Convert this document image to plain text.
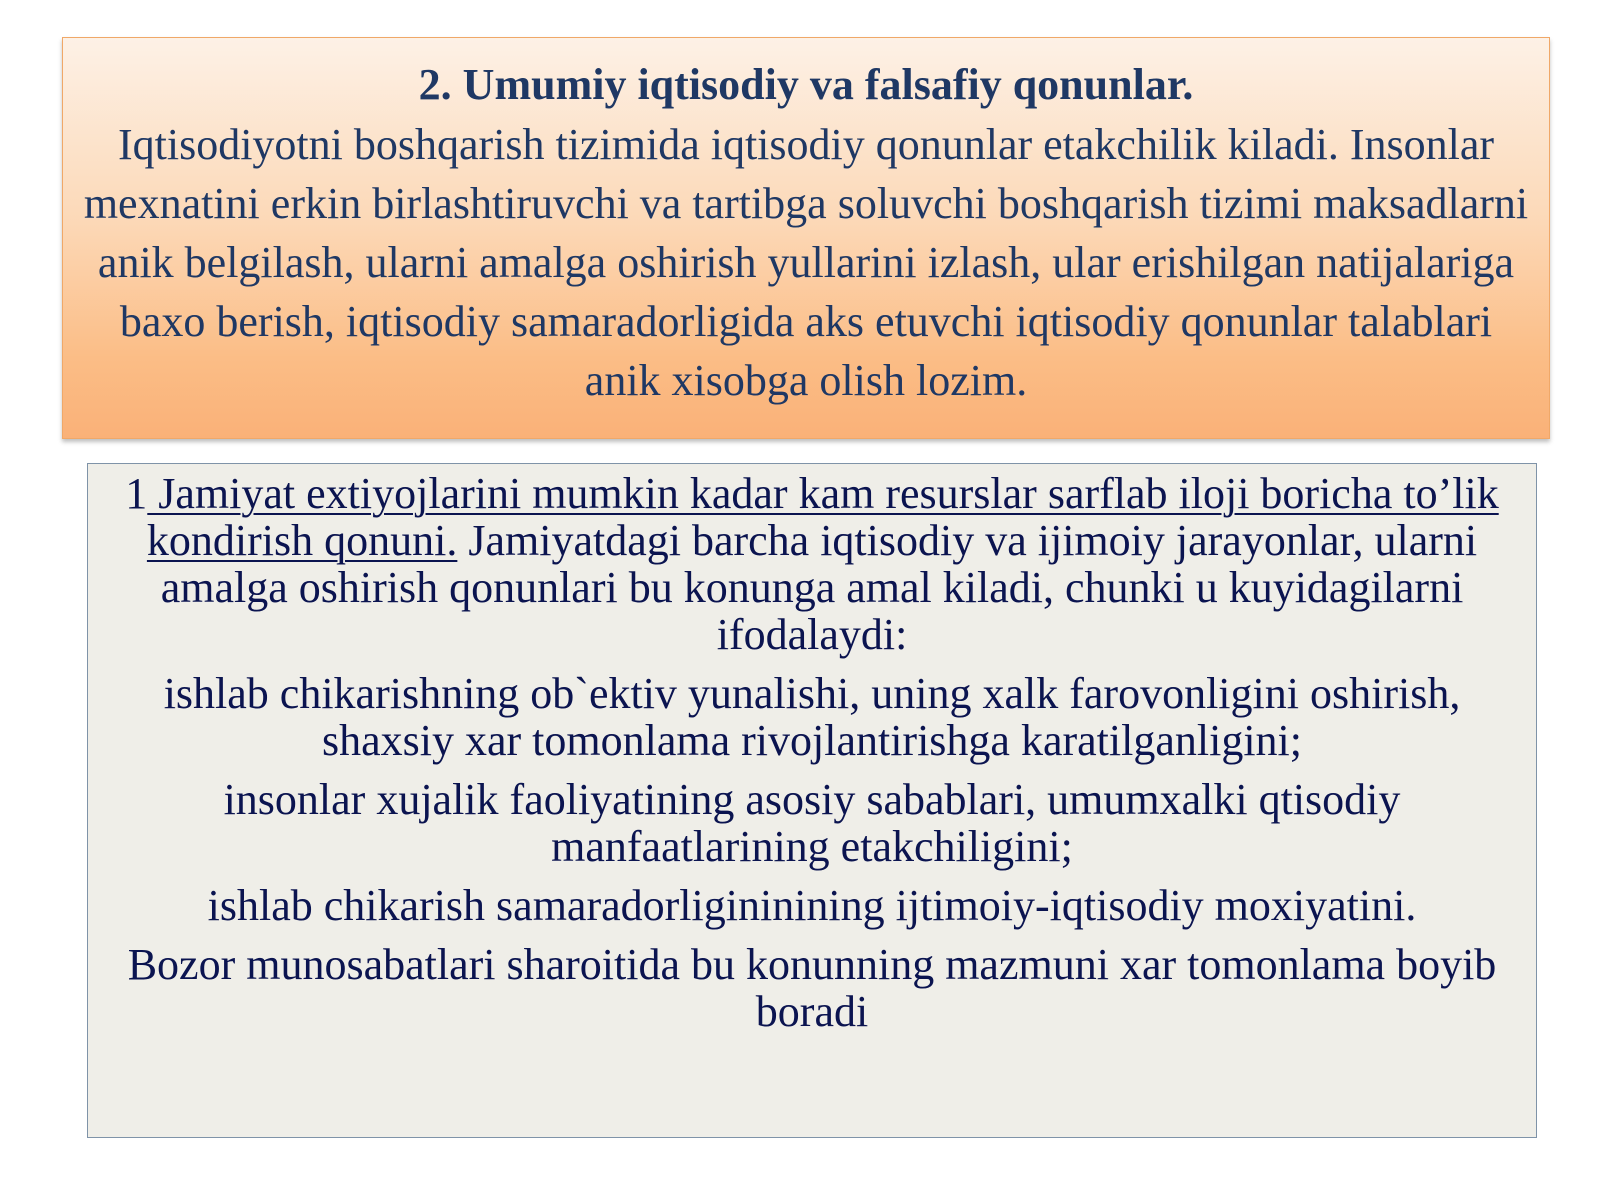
2. Umumiy iqtisodiy va falsafiy qonunlar.
Iqtisodiyotni boshqarish tizimida iqtisodiy qonunlar etakchilik kiladi. Insonlar mexnatini erkin birlashtiruvchi va tartibga soluvchi boshqarish tizimi maksadlarni anik belgilash, ularni amalga oshirish yullarini izlash, ular erishilgan natijalariga baxo berish, iqtisodiy samaradorligida aks etuvchi iqtisodiy qonunlar talablari anik xisobga olish lozim.

1 Jamiyat extiyojlarini mumkin kadar kam resurslar sarflab iloji boricha to’lik kondirish qonuni. Jamiyatdagi barcha iqtisodiy va ijimoiy jarayonlar, ularni amalga oshirish qonunlari bu konunga amal kiladi, chunki u kuyidagilarni ifodalaydi:

ishlab chikarishning ob`ektiv yunalishi, uning xalk farovonligini oshirish, shaxsiy xar tomonlama rivojlantirishga karatilganligini;

insonlar xujalik faoliyatining asosiy sabablari, umumxalki qtisodiy manfaatlarining etakchiligini;

ishlab chikarish samaradorligininining ijtimoiy-iqtisodiy moxiyatini.

Bozor munosabatlari sharoitida bu konunning mazmuni xar tomonlama boyib boradi
